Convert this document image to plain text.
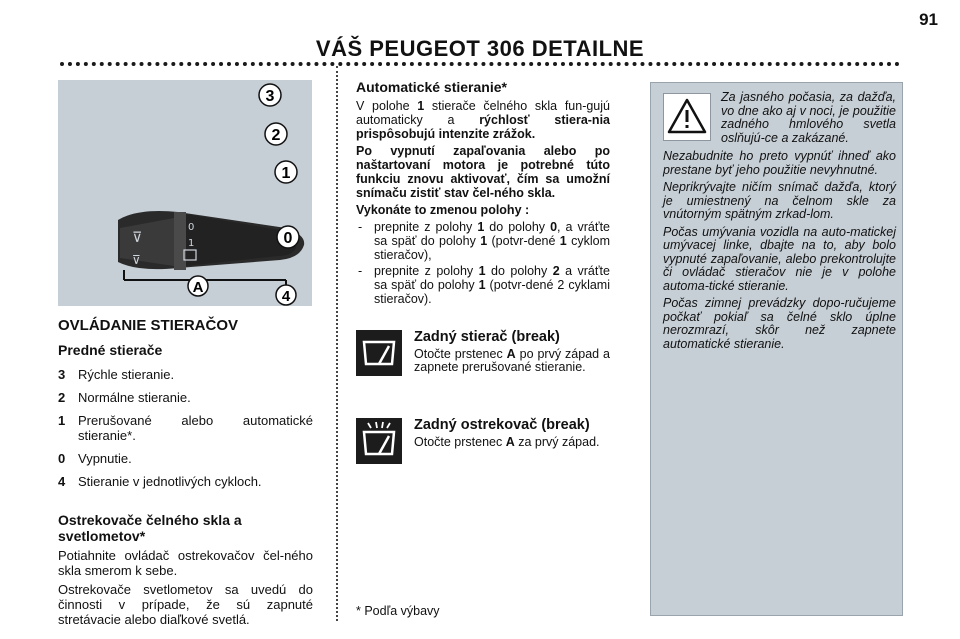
91
VÁŠ PEUGEOT 306 DETAILNE
⊽
⊽
0
1
3
2
1
0
A
4
OVLÁDANIE STIERAČOV
Predné stierače
3 Rýchle stieranie.
2 Normálne stieranie.
1 Prerušované alebo automatické stieranie*.
0 Vypnutie.
4 Stieranie v jednotlivých cykloch.
Ostrekovače čelného skla a svetlometov*

Potiahnite ovládač ostrekovačov čel-ného skla smerom k sebe.

Ostrekovače svetlometov sa uvedú do činnosti v prípade, že sú zapnuté stretávacie alebo diaľkové svetlá.

Automatické stieranie*

V polohe 1 stierače čelného skla fun-gujú automaticky a rýchlosť stiera-nia prispôsobujú intenzite zrážok.

Po vypnutí zapaľovania alebo po naštartovaní motora je potrebné túto funkciu znovu aktivovať, čím sa umožní snímaču zistiť stav čel-ného skla.

Vykonáte to zmenou polohy :

- prepnite z polohy 1 do polohy 0, a vráťte sa späť do polohy 1 (potvr-dené 1 cyklom stieračov),
- prepnite z polohy 1 do polohy 2 a vráťte sa späť do polohy 1 (potvr-dené 2 cyklami stieračov).
Zadný stierač (break)
Otočte prstenec A po prvý západ a zapnete prerušované stieranie.
Zadný ostrekovač (break)
Otočte prstenec A za prvý západ.
* Podľa výbavy

Za jasného počasia, za dažďa, vo dne ako aj v noci, je použitie zadného hmlového svetla oslňujú-ce a zakázané.

Nezabudnite ho preto vypnúť ihneď ako prestane byť jeho použitie nevyhnutné.

Neprikrývajte ničím snímač dažďa, ktorý je umiestnený na čelnom skle za vnútorným spätným zrkad-lom.

Počas umývania vozidla na auto-matickej umývacej linke, dbajte na to, aby bolo vypnuté zapaľovanie, alebo prekontrolujte či ovládač stieračov nie je v polohe automa-tické stieranie.

Počas zimnej prevádzky dopo-ručujeme počkať pokiaľ sa čelné sklo úplne nerozmrazí, skôr než zapnete automatické stieranie.
